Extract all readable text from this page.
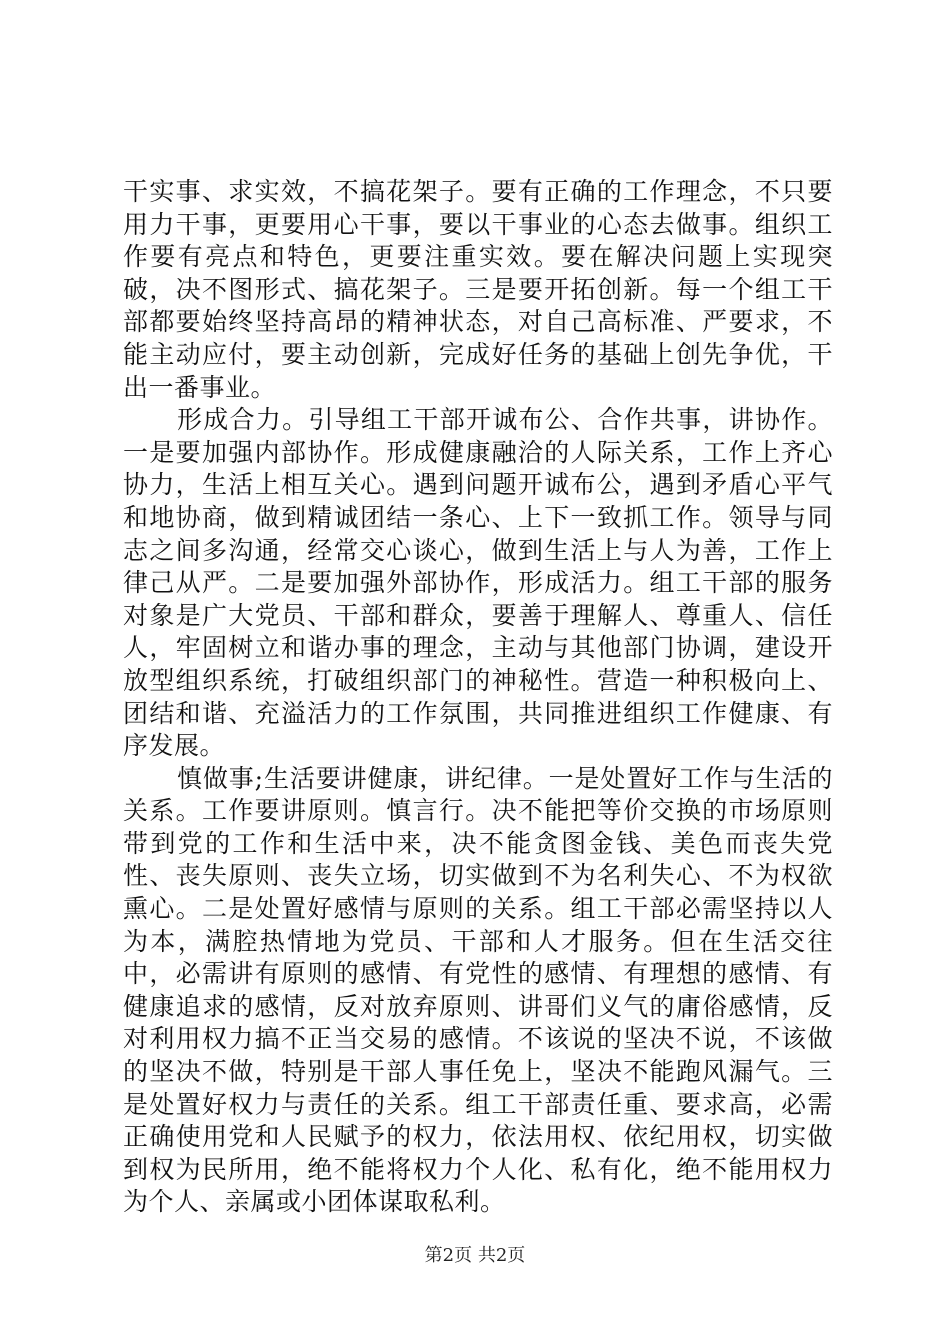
干实事、求实效，不搞花架子。要有正确的工作理念，不只要用力干事，更要用心干事，要以干事业的心态去做事。组织工作要有亮点和特色，更要注重实效。要在解决问题上实现突破，决不图形式、搞花架子。三是要开拓创新。每一个组工干部都要始终坚持高昂的精神状态，对自己高标准、严要求，不能主动应付，要主动创新，完成好任务的基础上创先争优，干出一番事业。

形成合力。引导组工干部开诚布公、合作共事，讲协作。一是要加强内部协作。形成健康融洽的人际关系，工作上齐心协力，生活上相互关心。遇到问题开诚布公，遇到矛盾心平气和地协商，做到精诚团结一条心、上下一致抓工作。领导与同志之间多沟通，经常交心谈心，做到生活上与人为善，工作上律己从严。二是要加强外部协作，形成活力。组工干部的服务对象是广大党员、干部和群众，要善于理解人、尊重人、信任人，牢固树立和谐办事的理念，主动与其他部门协调，建设开放型组织系统，打破组织部门的神秘性。营造一种积极向上、团结和谐、充溢活力的工作氛围，共同推进组织工作健康、有序发展。

慎做事;生活要讲健康，讲纪律。一是处置好工作与生活的关系。工作要讲原则。慎言行。决不能把等价交换的市场原则带到党的工作和生活中来，决不能贪图金钱、美色而丧失党性、丧失原则、丧失立场，切实做到不为名利失心、不为权欲熏心。二是处置好感情与原则的关系。组工干部必需坚持以人为本，满腔热情地为党员、干部和人才服务。但在生活交往中，必需讲有原则的感情、有党性的感情、有理想的感情、有健康追求的感情，反对放弃原则、讲哥们义气的庸俗感情，反对利用权力搞不正当交易的感情。不该说的坚决不说，不该做的坚决不做，特别是干部人事任免上，坚决不能跑风漏气。三是处置好权力与责任的关系。组工干部责任重、要求高，必需正确使用党和人民赋予的权力，依法用权、依纪用权，切实做到权为民所用，绝不能将权力个人化、私有化，绝不能用权力为个人、亲属或小团体谋取私利。

第2页 共2页
